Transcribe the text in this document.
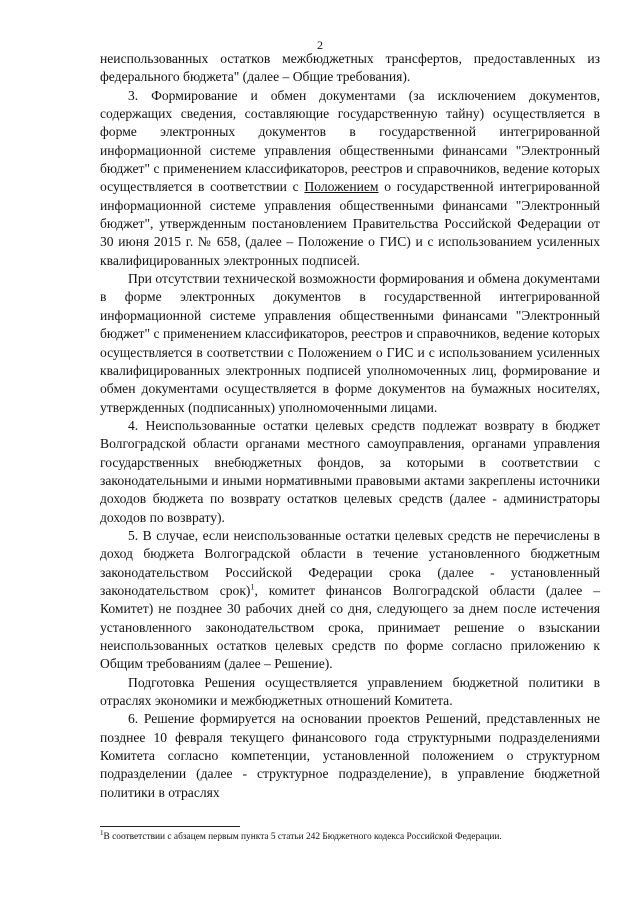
2

неиспользованных остатков межбюджетных трансфертов, предоставленных из федерального бюджета" (далее – Общие требования).

3. Формирование и обмен документами (за исключением документов, содержащих сведения, составляющие государственную тайну) осуществляется в форме электронных документов в государственной интегрированной информационной системе управления общественными финансами "Электронный бюджет" с применением классификаторов, реестров и справочников, ведение которых осуществляется в соответствии с Положением о государственной интегрированной информационной системе управления общественными финансами "Электронный бюджет", утвержденным постановлением Правительства Российской Федерации от 30 июня 2015 г. № 658, (далее – Положение о ГИС) и с использованием усиленных квалифицированных электронных подписей.

При отсутствии технической возможности формирования и обмена документами в форме электронных документов в государственной интегрированной информационной системе управления общественными финансами "Электронный бюджет" с применением классификаторов, реестров и справочников, ведение которых осуществляется в соответствии с Положением о ГИС и с использованием усиленных квалифицированных электронных подписей уполномоченных лиц, формирование и обмен документами осуществляется в форме документов на бумажных носителях, утвержденных (подписанных) уполномоченными лицами.

4. Неиспользованные остатки целевых средств подлежат возврату в бюджет Волгоградской области органами местного самоуправления, органами управления государственных внебюджетных фондов, за которыми в соответствии с законодательными и иными нормативными правовыми актами закреплены источники доходов бюджета по возврату остатков целевых средств (далее - администраторы доходов по возврату).

5. В случае, если неиспользованные остатки целевых средств не перечислены в доход бюджета Волгоградской области в течение установленного бюджетным законодательством Российской Федерации срока (далее - установленный законодательством срок)$^1$, комитет финансов Волгоградской области (далее – Комитет) не позднее 30 рабочих дней со дня, следующего за днем после истечения установленного законодательством срока, принимает решение о взыскании неиспользованных остатков целевых средств по форме согласно приложению к Общим требованиям (далее – Решение).

Подготовка Решения осуществляется управлением бюджетной политики в отраслях экономики и межбюджетных отношений Комитета.

6. Решение формируется на основании проектов Решений, представленных не позднее 10 февраля текущего финансового года структурными подразделениями Комитета согласно компетенции, установленной положением о структурном подразделении (далее - структурное подразделение), в управление бюджетной политики в отраслях

$^1$В соответствии с абзацем первым пункта 5 статьи 242 Бюджетного кодекса Российской Федерации.
